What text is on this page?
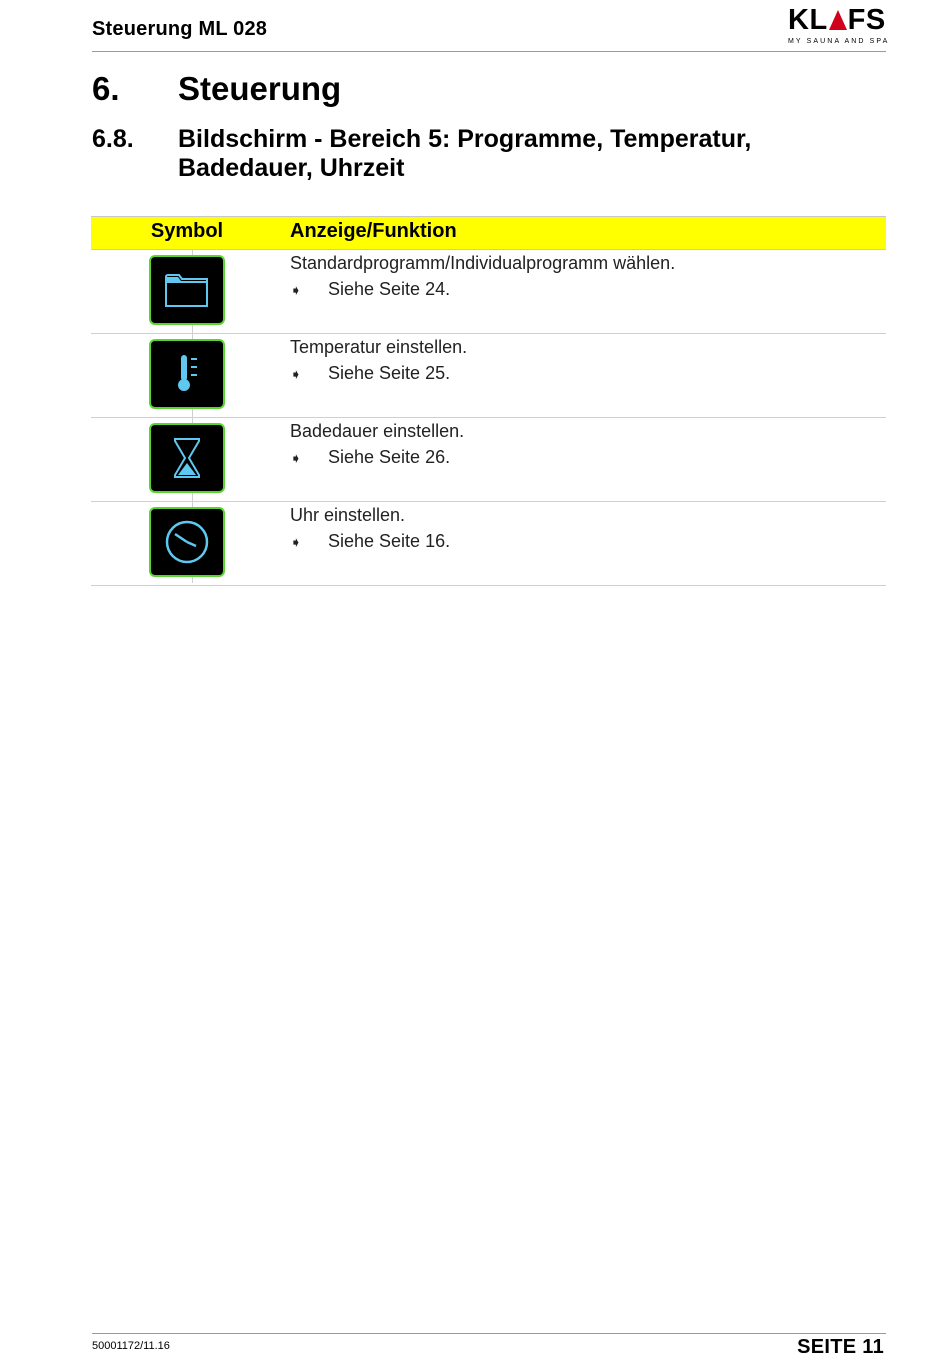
Steuerung ML 028	KL FS
MY SAUNA AND SPA
6. Steuerung
6.8. Bildschirm - Bereich 5: Programme, Temperatur, Badedauer, Uhrzeit
Symbol	Anzeige/Funktion
Standardprogramm/Individualprogramm wählen.
➧ Siehe Seite 24.
Temperatur einstellen.
➧ Siehe Seite 25.
Badedauer einstellen.
➧ Siehe Seite 26.
Uhr einstellen.
➧ Siehe Seite 16.
50001172/11.16	SEITE 11
